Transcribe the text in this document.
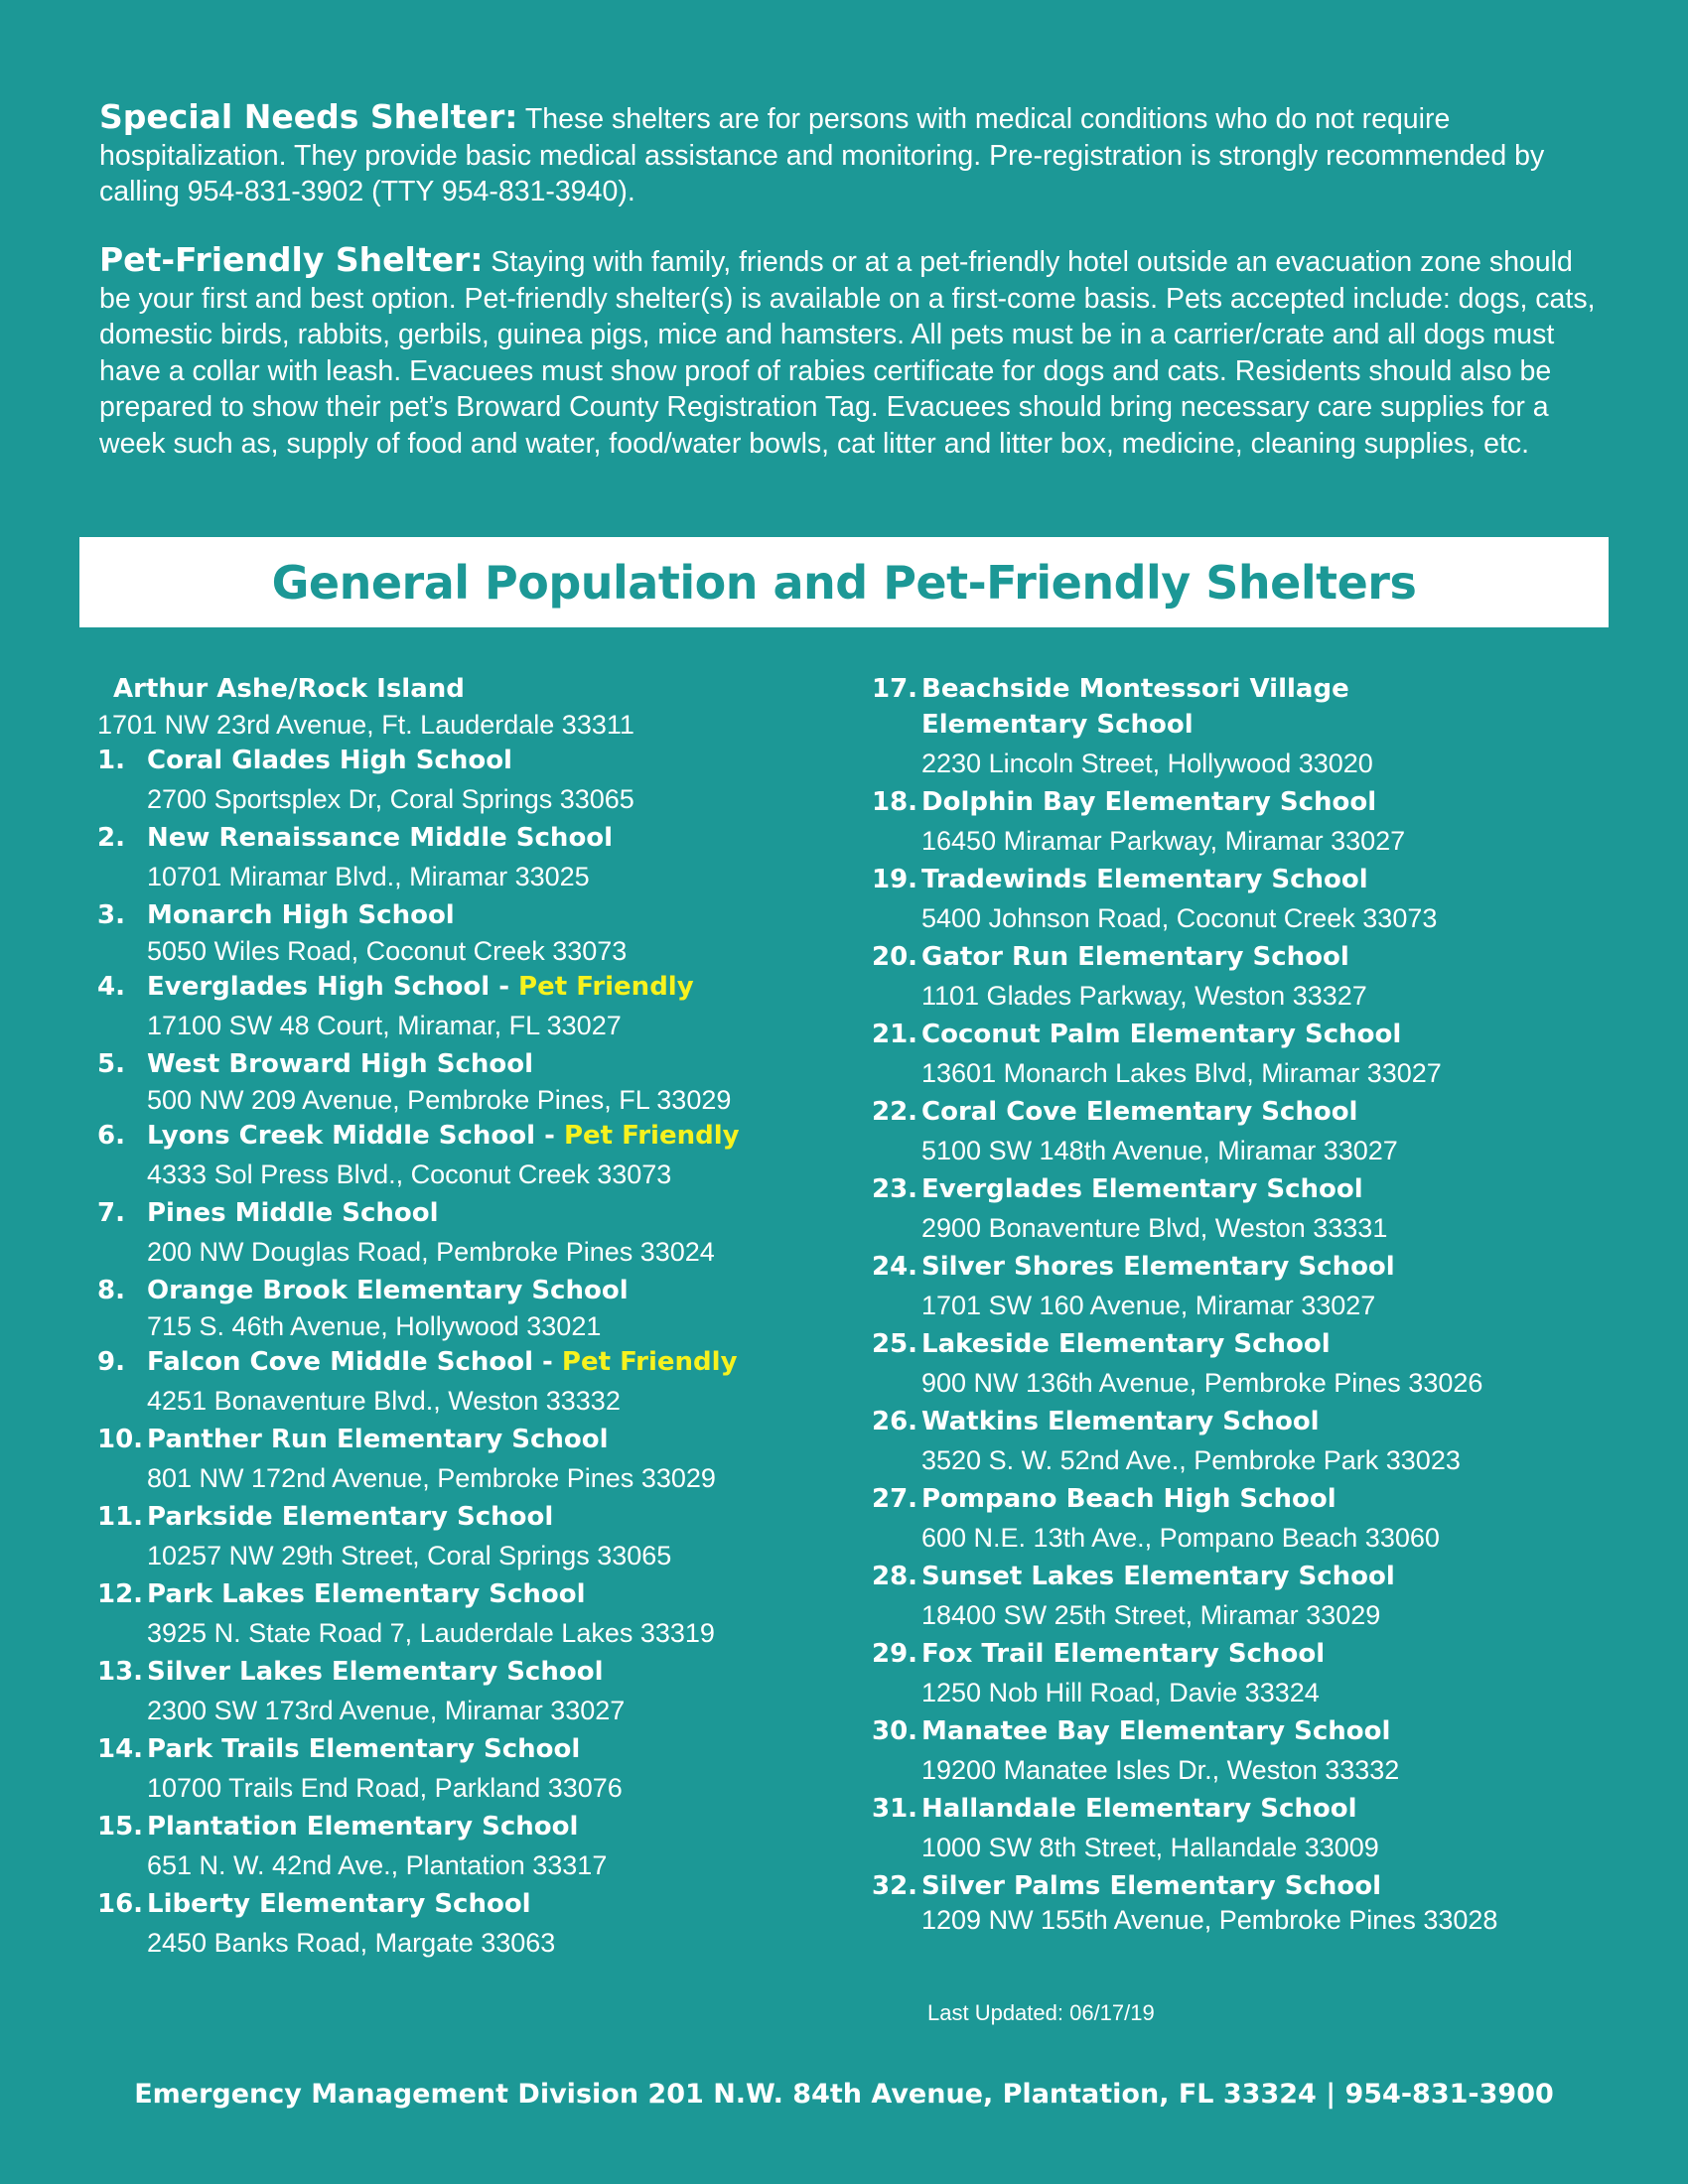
Special Needs Shelter: These shelters are for persons with medical conditions who do not require hospitalization. They provide basic medical assistance and monitoring. Pre-registration is strongly recommended by calling 954-831-3902 (TTY 954-831-3940).
Pet-Friendly Shelter: Staying with family, friends or at a pet-friendly hotel outside an evacuation zone should be your first and best option. Pet-friendly shelter(s) is available on a first-come basis. Pets accepted include: dogs, cats, domestic birds, rabbits, gerbils, guinea pigs, mice and hamsters. All pets must be in a carrier/crate and all dogs must have a collar with leash. Evacuees must show proof of rabies certificate for dogs and cats. Residents should also be prepared to show their pet’s Broward County Registration Tag. Evacuees should bring necessary care supplies for a week such as, supply of food and water, food/water bowls, cat litter and litter box, medicine, cleaning supplies, etc.
General Population and Pet-Friendly Shelters
Arthur Ashe/Rock Island
1701 NW 23rd Avenue, Ft. Lauderdale 33311
1. Coral Glades High School
2700 Sportsplex Dr, Coral Springs 33065
2. New Renaissance Middle School
10701 Miramar Blvd., Miramar 33025
3. Monarch High School
5050 Wiles Road, Coconut Creek 33073
4. Everglades High School - Pet Friendly
17100 SW 48 Court, Miramar, FL 33027
5. West Broward High School
500 NW 209 Avenue, Pembroke Pines, FL 33029
6. Lyons Creek Middle School - Pet Friendly
4333 Sol Press Blvd., Coconut Creek 33073
7. Pines Middle School
200 NW Douglas Road, Pembroke Pines 33024
8. Orange Brook Elementary School
715 S. 46th Avenue, Hollywood 33021
9. Falcon Cove Middle School - Pet Friendly
4251 Bonaventure Blvd., Weston 33332
10. Panther Run Elementary School
801 NW 172nd Avenue, Pembroke Pines 33029
11. Parkside Elementary School
10257 NW 29th Street, Coral Springs 33065
12. Park Lakes Elementary School
3925 N. State Road 7, Lauderdale Lakes 33319
13. Silver Lakes Elementary School
2300 SW 173rd Avenue, Miramar 33027
14. Park Trails Elementary School
10700 Trails End Road, Parkland 33076
15. Plantation Elementary School
651 N. W. 42nd Ave., Plantation 33317
16. Liberty Elementary School
2450 Banks Road, Margate 33063
17. Beachside Montessori Village
Elementary School
2230 Lincoln Street, Hollywood 33020
18. Dolphin Bay Elementary School
16450 Miramar Parkway, Miramar 33027
19. Tradewinds Elementary School
5400 Johnson Road, Coconut Creek 33073
20. Gator Run Elementary School
1101 Glades Parkway, Weston 33327
21. Coconut Palm Elementary School
13601 Monarch Lakes Blvd, Miramar 33027
22. Coral Cove Elementary School
5100 SW 148th Avenue, Miramar 33027
23. Everglades Elementary School
2900 Bonaventure Blvd, Weston 33331
24. Silver Shores Elementary School
1701 SW 160 Avenue, Miramar 33027
25. Lakeside Elementary School
900 NW 136th Avenue, Pembroke Pines 33026
26. Watkins Elementary School
3520 S. W. 52nd Ave., Pembroke Park 33023
27. Pompano Beach High School
600 N.E. 13th Ave., Pompano Beach 33060
28. Sunset Lakes Elementary School
18400 SW 25th Street, Miramar 33029
29. Fox Trail Elementary School
1250 Nob Hill Road, Davie 33324
30. Manatee Bay Elementary School
19200 Manatee Isles Dr., Weston 33332
31. Hallandale Elementary School
1000 SW 8th Street, Hallandale 33009
32. Silver Palms Elementary School
1209 NW 155th Avenue, Pembroke Pines 33028
Last Updated: 06/17/19
Emergency Management Division 201 N.W. 84th Avenue, Plantation, FL 33324 | 954-831-3900
